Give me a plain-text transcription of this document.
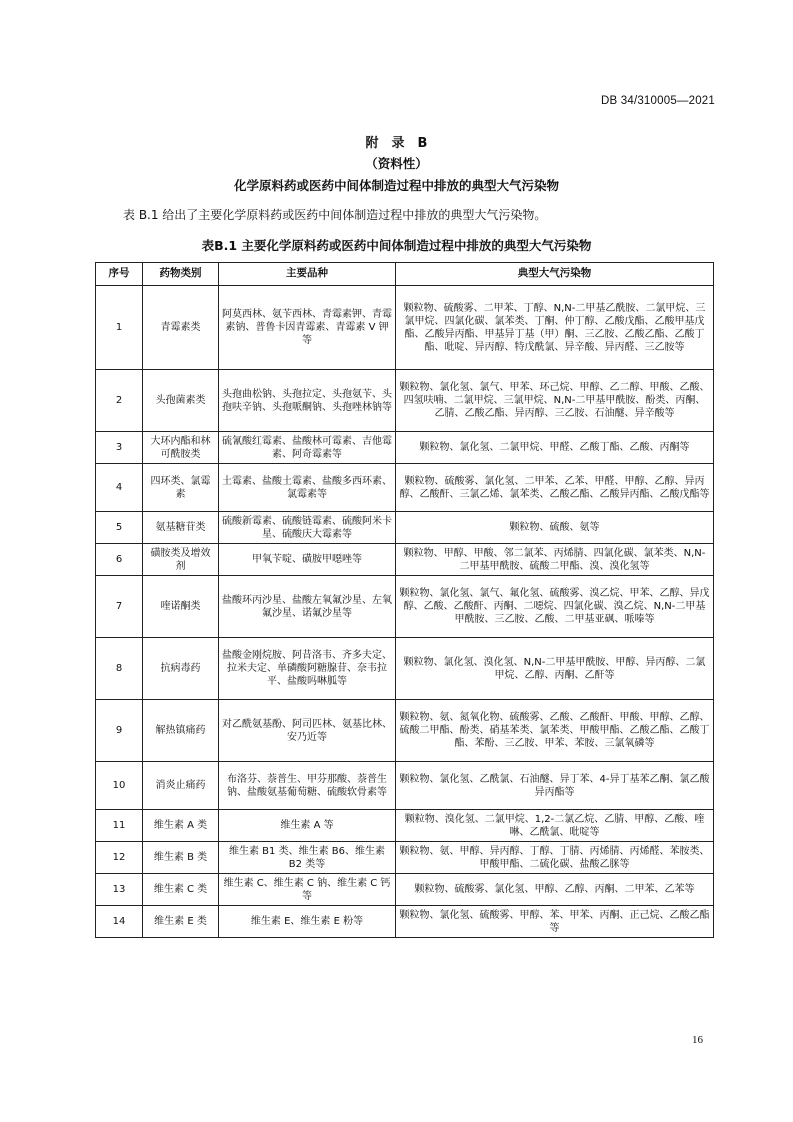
DB 34/310005—2021
附　录　B
（资料性）
化学原料药或医药中间体制造过程中排放的典型大气污染物
表 B.1 给出了主要化学原料药或医药中间体制造过程中排放的典型大气污染物。
表B.1 主要化学原料药或医药中间体制造过程中排放的典型大气污染物
序号	药物类别	主要品种	典型大气污染物
1	青霉素类	阿莫西林、氨苄西林、青霉素钾、青霉素钠、普鲁卡因青霉素、青霉素 V 钾等	颗粒物、硫酸雾、二甲苯、丁醇、N,N-二甲基乙酰胺、二氯甲烷、三氯甲烷、四氯化碳、氯苯类、丁酮、仲丁醇、乙酸戊酯、乙酸甲基戊酯、乙酸异丙酯、甲基异丁基（甲）酮、三乙胺、乙酸乙酯、乙酸丁酯、吡啶、异丙醇、特戊酰氯、异辛酸、异丙醛、三乙胺等
2	头孢菌素类	头孢曲松钠、头孢拉定、头孢氨苄、头孢呋辛钠、头孢哌酮钠、头孢唑林钠等	颗粒物、氯化氢、氯气、甲苯、环己烷、甲醇、乙二醇、甲酸、乙酸、四氢呋喃、二氯甲烷、三氯甲烷、N,N-二甲基甲酰胺、酚类、丙酮、乙腈、乙酸乙酯、异丙醇、三乙胺、石油醚、异辛酸等
3	大环内酯和林可酰胺类	硫氰酸红霉素、盐酸林可霉素、吉他霉素、阿奇霉素等	颗粒物、氯化氢、二氯甲烷、甲醛、乙酸丁酯、乙酸、丙酮等
4	四环类、氯霉素	土霉素、盐酸土霉素、盐酸多西环素、氯霉素等	颗粒物、硫酸雾、氯化氢、二甲苯、乙苯、甲醛、甲醇、乙醇、异丙醇、乙酸酐、三氯乙烯、氯苯类、乙酸乙酯、乙酸异丙酯、乙酸戊酯等
5	氨基糖苷类	硫酸新霉素、硫酸链霉素、硫酸阿米卡星、硫酸庆大霉素等	颗粒物、硫酸、氨等
6	磺胺类及增效剂	甲氧苄啶、磺胺甲噁唑等	颗粒物、甲醇、甲酸、邻二氯苯、丙烯腈、四氯化碳、氯苯类、N,N-二甲基甲酰胺、硫酸二甲酯、溴、溴化氢等
7	喹诺酮类	盐酸环丙沙星、盐酸左氧氟沙星、左氧氟沙星、诺氟沙星等	颗粒物、氯化氢、氯气、氟化氢、硫酸雾、溴乙烷、甲苯、乙醇、异戊醇、乙酸、乙酸酐、丙酮、二噁烷、四氯化碳、溴乙烷、N,N-二甲基甲酰胺、三乙胺、乙酸、二甲基亚砜、哌嗪等
8	抗病毒药	盐酸金刚烷胺、阿昔洛韦、齐多夫定、拉米夫定、单磷酸阿糖腺苷、奈韦拉平、盐酸吗啉胍等	颗粒物、氯化氢、溴化氢、N,N-二甲基甲酰胺、甲醇、异丙醇、二氯甲烷、乙醇、丙酮、乙酐等
9	解热镇痛药	对乙酰氨基酚、阿司匹林、氨基比林、安乃近等	颗粒物、氨、氮氧化物、硫酸雾、乙酸、乙酸酐、甲酸、甲醇、乙醇、硫酸二甲酯、酚类、硝基苯类、氯苯类、甲酸甲酯、乙酸乙酯、乙酸丁酯、苯酚、三乙胺、甲苯、苯胺、三氯氧磷等
10	消炎止痛药	布洛芬、萘普生、甲芬那酸、萘普生钠、盐酸氨基葡萄糖、硫酸软骨素等	颗粒物、氯化氢、乙酰氯、石油醚、异丁苯、4-异丁基苯乙酮、氯乙酸异丙酯等
11	维生素 A 类	维生素 A 等	颗粒物、溴化氢、二氯甲烷、1,2-二氯乙烷、乙腈、甲醇、乙酸、喹啉、乙酰氯、吡啶等
12	维生素 B 类	维生素 B1 类、维生素 B6、维生素 B2 类等	颗粒物、氨、甲醇、异丙醇、丁醇、丁腈、丙烯腈、丙烯醛、苯胺类、甲酸甲酯、二硫化碳、盐酸乙脒等
13	维生素 C 类	维生素 C、维生素 C 钠、维生素 C 钙等	颗粒物、硫酸雾、氯化氢、甲醇、乙醇、丙酮、二甲苯、乙苯等
14	维生素 E 类	维生素 E、维生素 E 粉等	颗粒物、氯化氢、硫酸雾、甲醇、苯、甲苯、丙酮、正己烷、乙酸乙酯等
16
